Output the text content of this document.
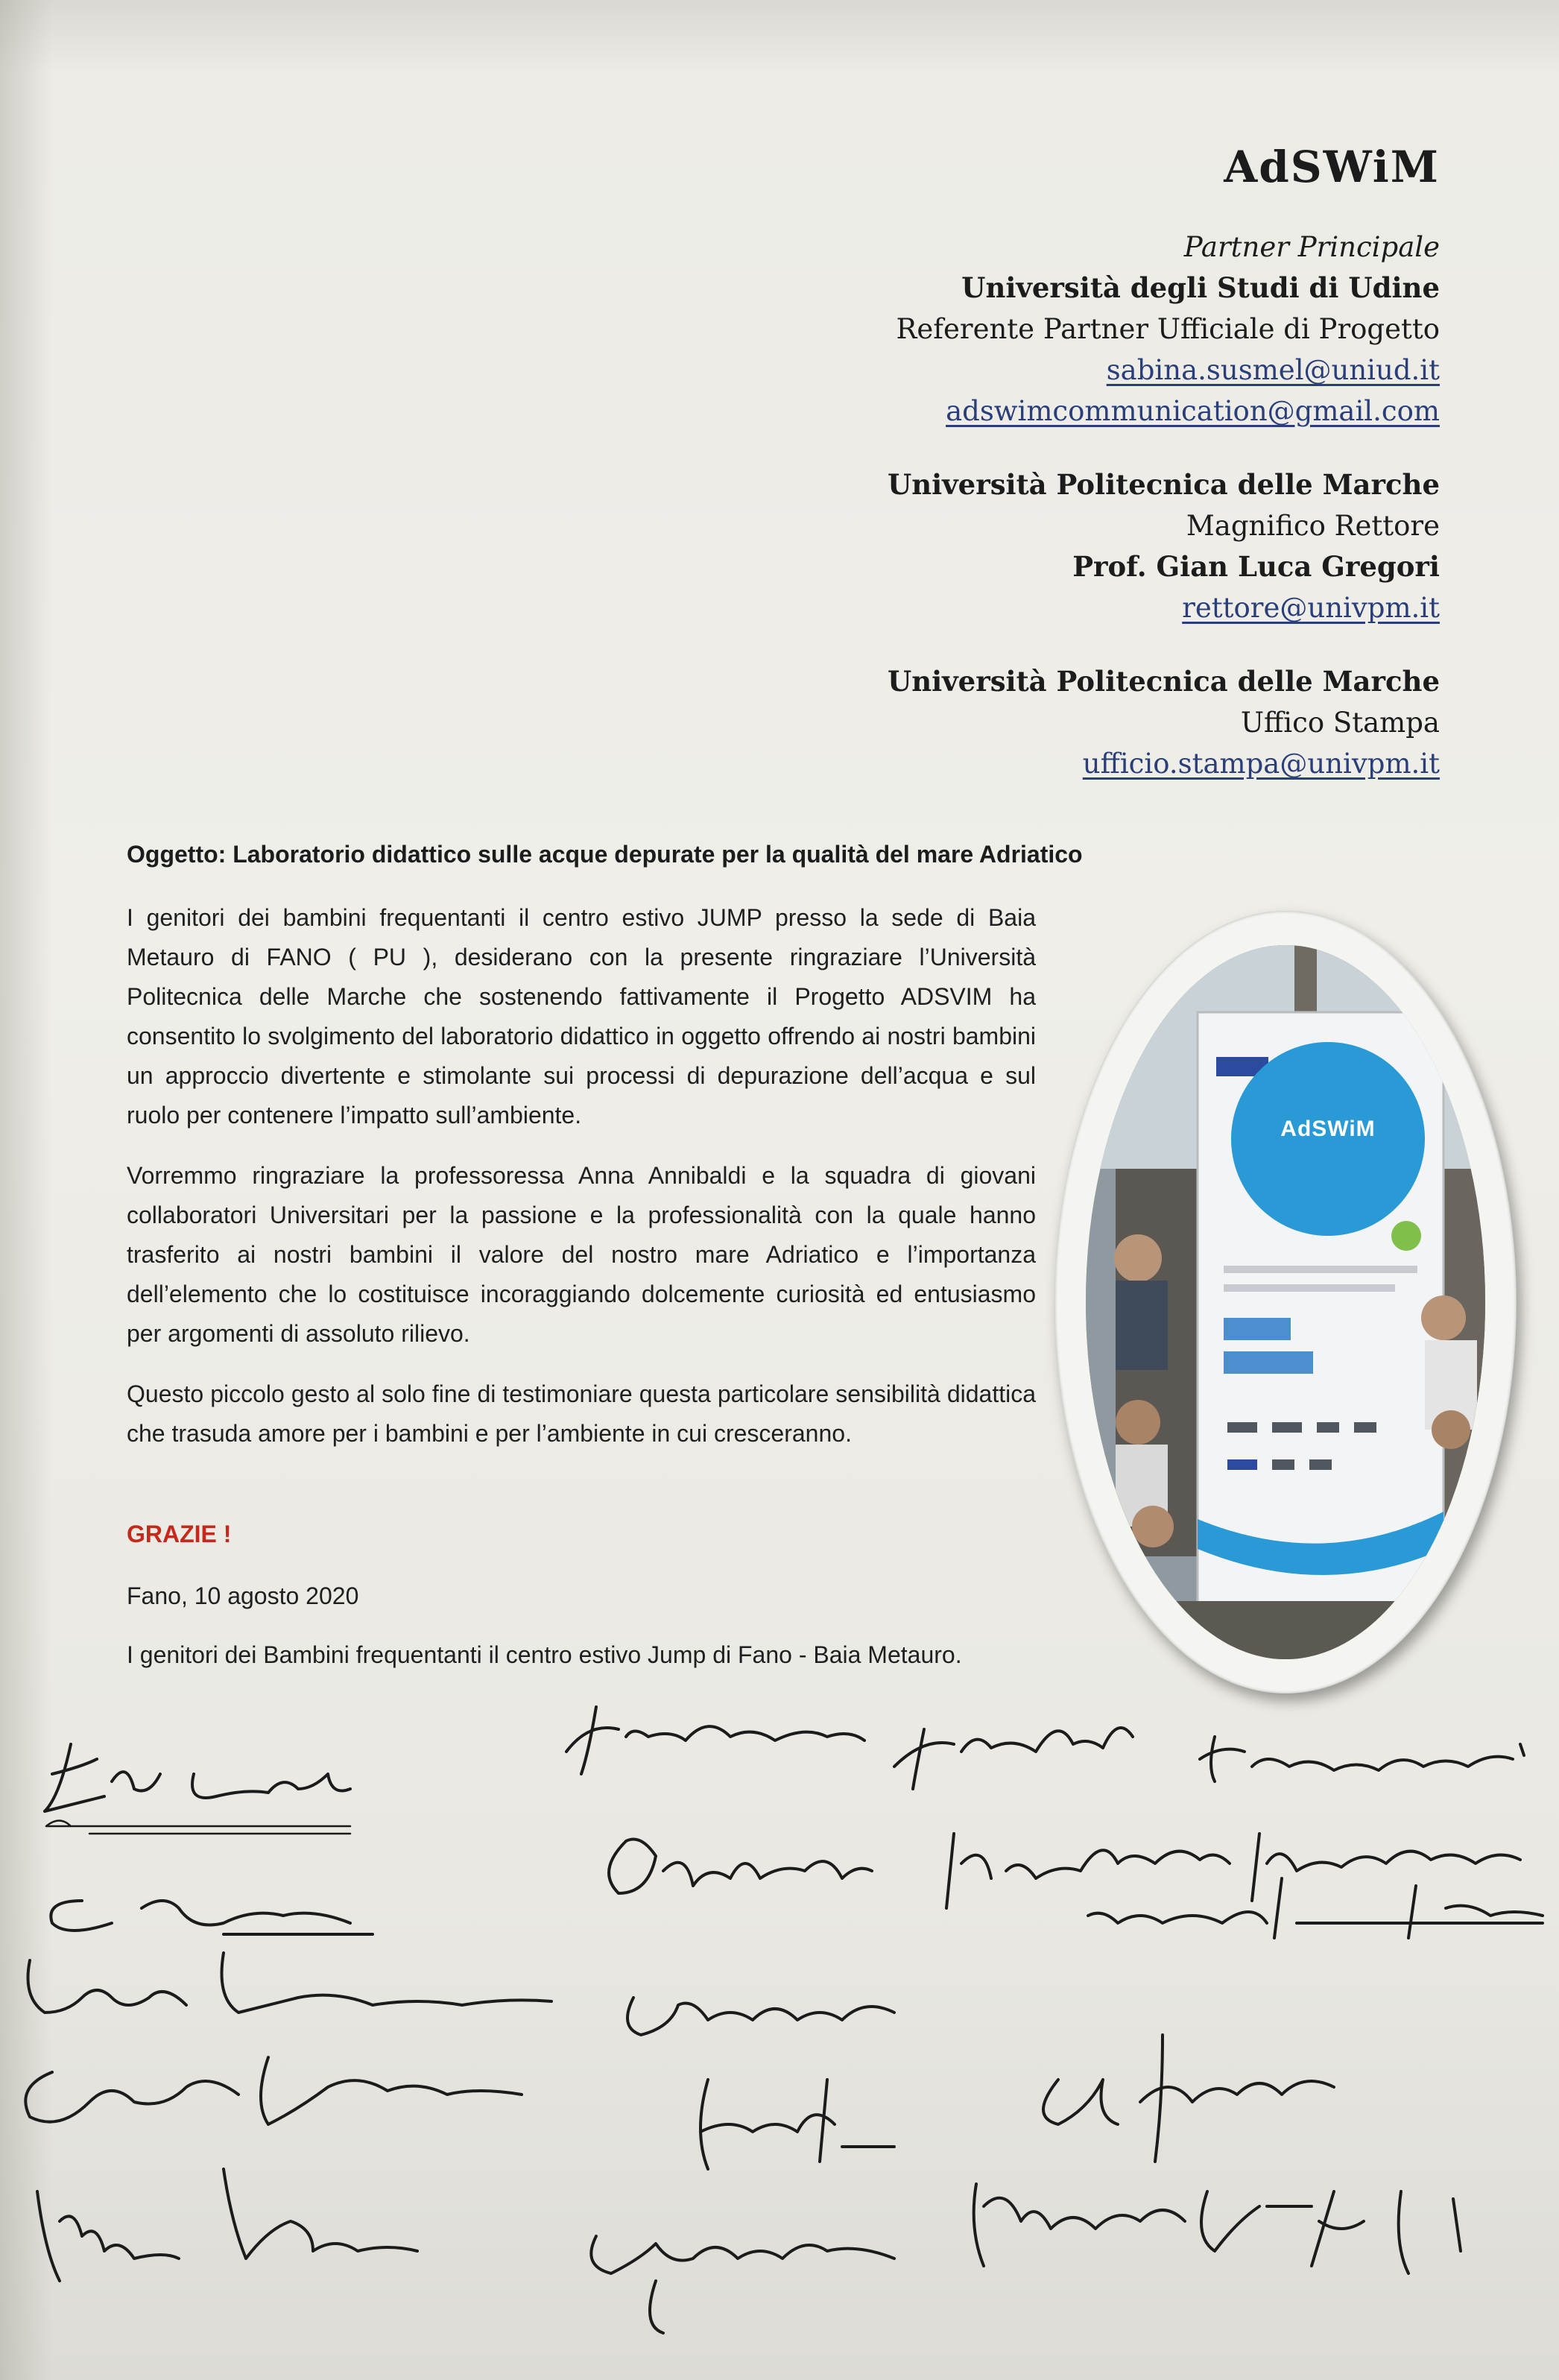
AdSWiM
Partner Principale
Università degli Studi di Udine
Referente Partner Ufficiale di Progetto
sabina.susmel@uniud.it
adswimcommunication@gmail.com
Università Politecnica delle Marche
Magnifico Rettore
Prof. Gian Luca Gregori
rettore@univpm.it
Università Politecnica delle Marche
Uffico Stampa
ufficio.stampa@univpm.it
Oggetto: Laboratorio didattico sulle acque depurate per la qualità del mare Adriatico

I genitori dei bambini frequentanti il centro estivo JUMP presso la sede di Baia Metauro di FANO ( PU ), desiderano con la presente ringraziare l’Università Politecnica delle Marche che sostenendo fattivamente il Progetto ADSVIM ha consentito lo svolgimento del laboratorio didattico in oggetto offrendo ai nostri bambini un approccio divertente e stimolante sui processi di depurazione dell’acqua e sul ruolo per contenere l’impatto sull’ambiente.

Vorremmo ringraziare la professoressa Anna Annibaldi e la squadra di giovani collaboratori Universitari per la passione e la professionalità con la quale hanno trasferito ai nostri bambini il valore del nostro mare Adriatico e l’importanza dell’elemento che lo costituisce incoraggiando dolcemente curiosità ed entusiasmo per argomenti di assoluto rilievo.

Questo piccolo gesto al solo fine di testimoniare questa particolare sensibilità didattica che trasuda amore per i bambini e per l’ambiente in cui cresceranno.

GRAZIE !
Fano, 10 agosto 2020
I genitori dei Bambini frequentanti il centro estivo Jump di Fano - Baia Metauro.
AdSWiM
